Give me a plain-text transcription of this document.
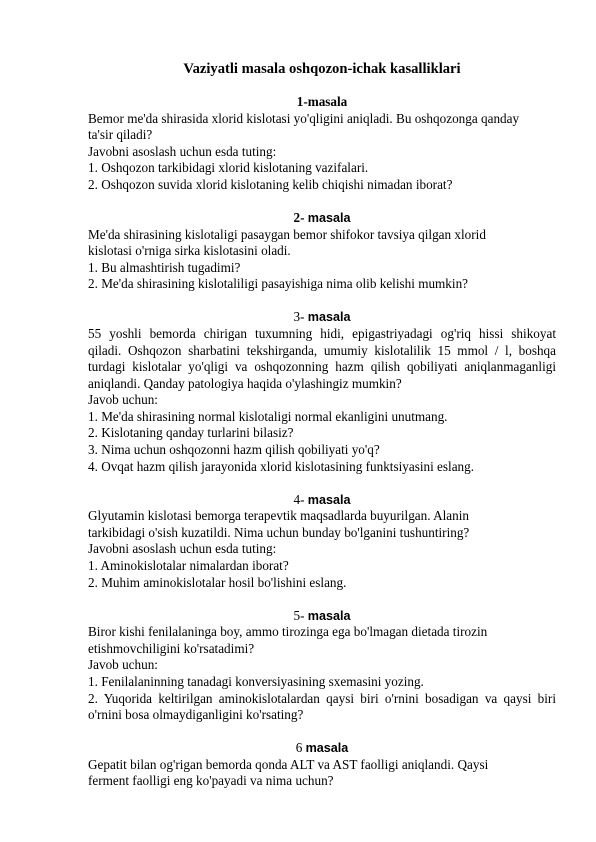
Vaziyatli masala oshqozon-ichak kasalliklari

1-masala

Bemor me'da shirasida xlorid kislotasi yo'qligini aniqladi. Bu oshqozonga qanday

ta'sir qiladi?

Javobni asoslash uchun esda tuting:

1. Oshqozon tarkibidagi xlorid kislotaning vazifalari.

2. Oshqozon suvida xlorid kislotaning kelib chiqishi nimadan iborat?

2- masala

Me'da shirasining kislotaligi pasaygan bemor shifokor tavsiya qilgan xlorid

kislotasi o'rniga sirka kislotasini oladi.

1. Bu almashtirish tugadimi?

2. Me'da shirasining kislotaliligi pasayishiga nima olib kelishi mumkin?

3- masala

55 yoshli bemorda chirigan tuxumning hidi, epigastriyadagi og'riq hissi shikoyat

qiladi. Oshqozon sharbatini tekshirganda, umumiy kislotalilik 15 mmol / l, boshqa

turdagi kislotalar yo'qligi va oshqozonning hazm qilish qobiliyati aniqlanmaganligi

aniqlandi. Qanday patologiya haqida o'ylashingiz mumkin?

Javob uchun:

1. Me'da shirasining normal kislotaligi normal ekanligini unutmang.

2. Kislotaning qanday turlarini bilasiz?

3. Nima uchun oshqozonni hazm qilish qobiliyati yo'q?

4. Ovqat hazm qilish jarayonida xlorid kislotasining funktsiyasini eslang.

4- masala

Glyutamin kislotasi bemorga terapevtik maqsadlarda buyurilgan. Alanin

tarkibidagi o'sish kuzatildi. Nima uchun bunday bo'lganini tushuntiring?

Javobni asoslash uchun esda tuting:

1. Aminokislotalar nimalardan iborat?

2. Muhim aminokislotalar hosil bo'lishini eslang.

5- masala

Biror kishi fenilalaninga boy, ammo tirozinga ega bo'lmagan dietada tirozin

etishmovchiligini ko'rsatadimi?

Javob uchun:

1. Fenilalaninning tanadagi konversiyasining sxemasini yozing.

2. Yuqorida keltirilgan aminokislotalardan qaysi biri o'rnini bosadigan va qaysi biri

o'rnini bosa olmaydiganligini ko'rsating?

6 masala

Gepatit bilan og'rigan bemorda qonda ALT va AST faolligi aniqlandi. Qaysi

ferment faolligi eng ko'payadi va nima uchun?
